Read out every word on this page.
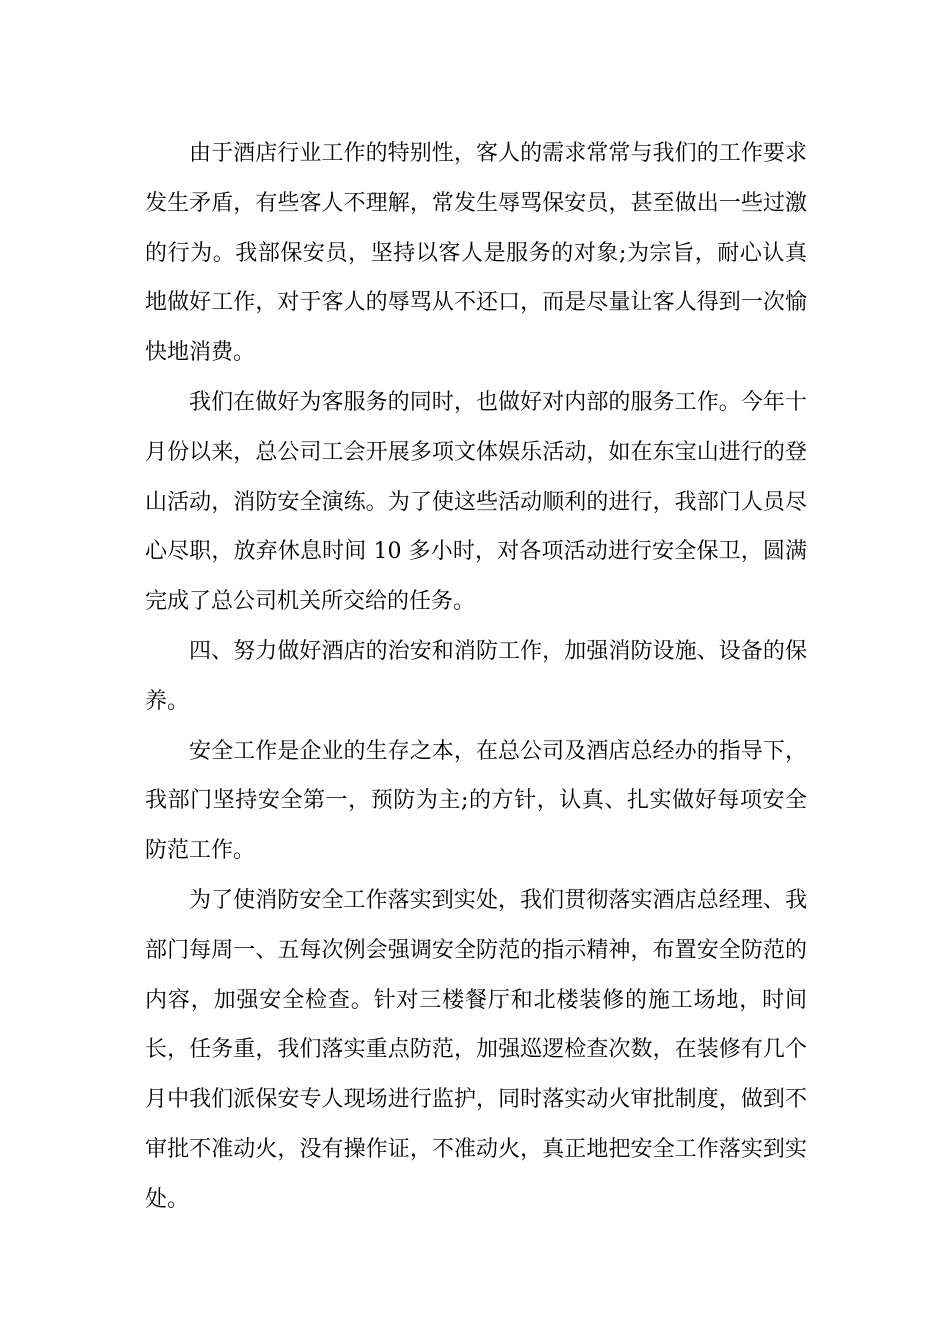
由于酒店行业工作的特别性，客人的需求常常与我们的工作要求发生矛盾，有些客人不理解，常发生辱骂保安员，甚至做出一些过激的行为。我部保安员，坚持以客人是服务的对象;为宗旨，耐心认真地做好工作，对于客人的辱骂从不还口，而是尽量让客人得到一次愉快地消费。

我们在做好为客服务的同时，也做好对内部的服务工作。今年十月份以来，总公司工会开展多项文体娱乐活动，如在东宝山进行的登山活动，消防安全演练。为了使这些活动顺利的进行，我部门人员尽心尽职，放弃休息时间 10 多小时，对各项活动进行安全保卫，圆满完成了总公司机关所交给的任务。

四、努力做好酒店的治安和消防工作，加强消防设施、设备的保养。

安全工作是企业的生存之本，在总公司及酒店总经办的指导下，我部门坚持安全第一，预防为主;的方针，认真、扎实做好每项安全防范工作。

为了使消防安全工作落实到实处，我们贯彻落实酒店总经理、我部门每周一、五每次例会强调安全防范的指示精神，布置安全防范的内容，加强安全检查。针对三楼餐厅和北楼装修的施工场地，时间长，任务重，我们落实重点防范，加强巡逻检查次数，在装修有几个月中我们派保安专人现场进行监护，同时落实动火审批制度，做到不审批不准动火，没有操作证，不准动火，真正地把安全工作落实到实处。
